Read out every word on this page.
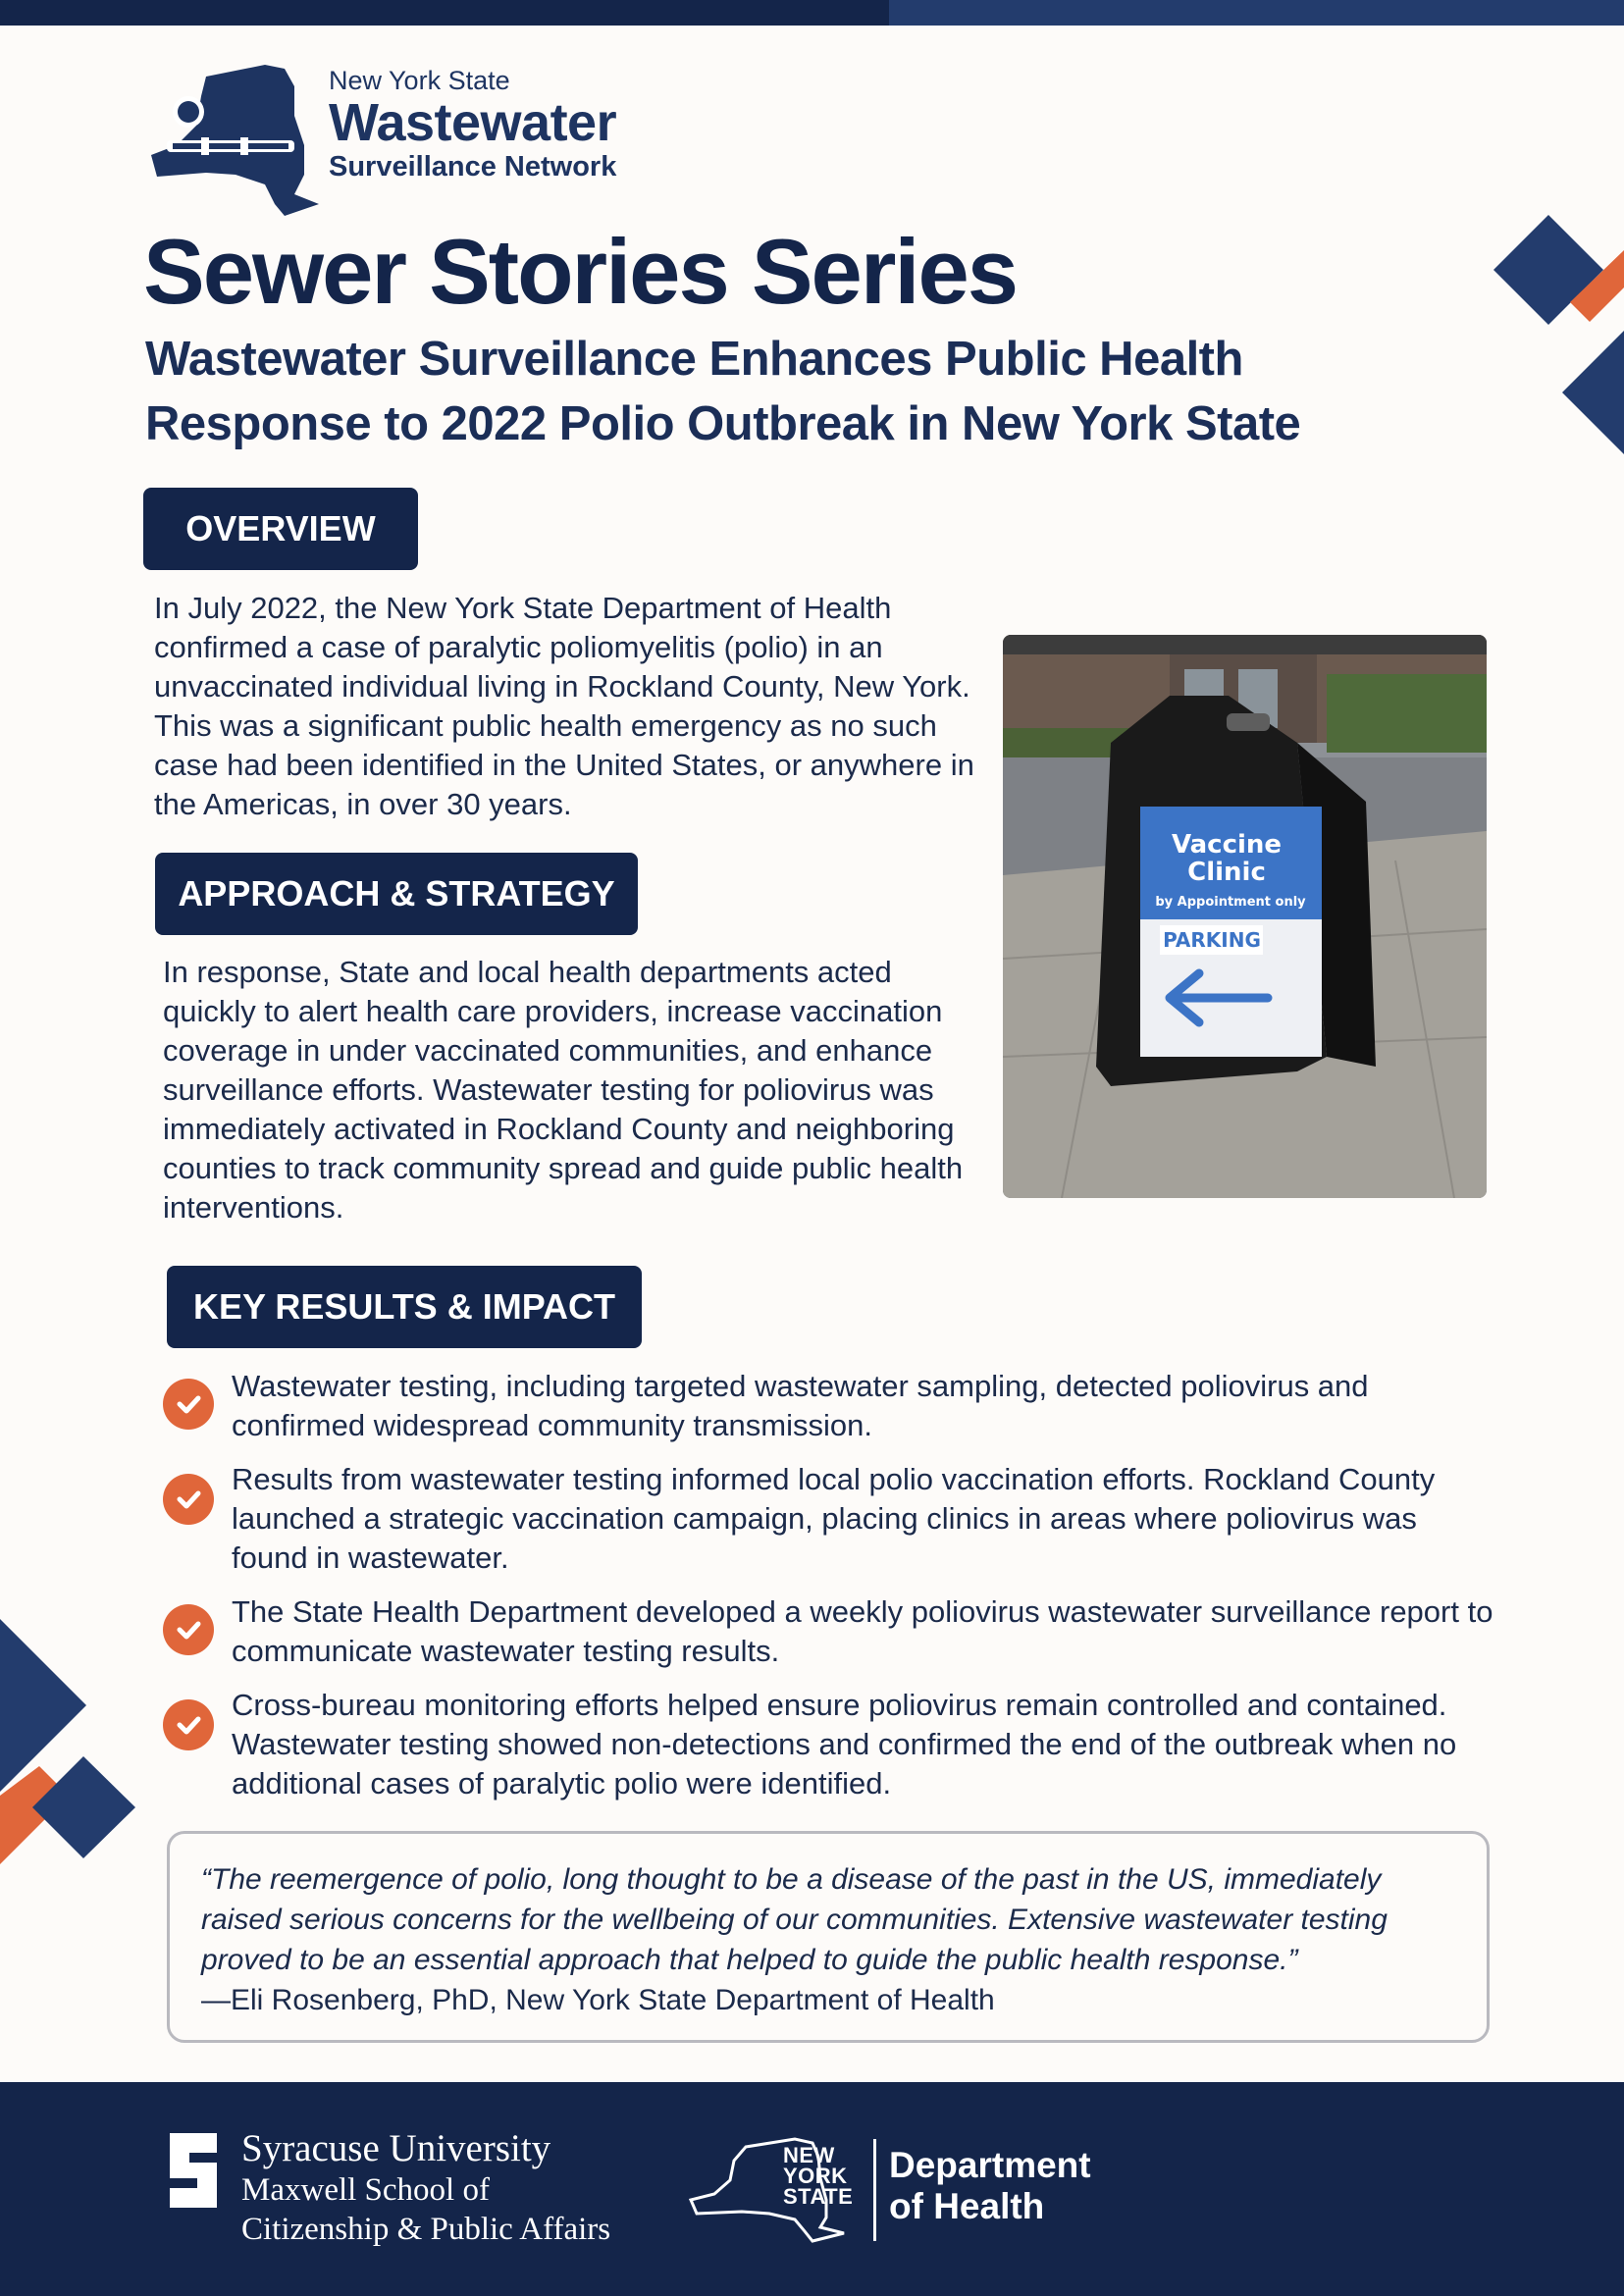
New York State
Wastewater
Surveillance Network
Sewer Stories Series
Wastewater Surveillance Enhances Public Health
Response to 2022 Polio Outbreak in New York State
OVERVIEW
In July 2022, the New York State Department of Health confirmed a case of paralytic poliomyelitis (polio) in an unvaccinated individual living in Rockland County, New York. This was a significant public health emergency as no such case had been identified in the United States, or anywhere in the Americas, in over 30 years.
Vaccine
Clinic
by Appointment only
PARKING
APPROACH & STRATEGY
In response, State and local health departments acted quickly to alert health care providers, increase vaccination coverage in under vaccinated communities, and enhance surveillance efforts. Wastewater testing for poliovirus was immediately activated in Rockland County and neighboring counties to track community spread and guide public health interventions.
KEY RESULTS & IMPACT
Wastewater testing, including targeted wastewater sampling, detected poliovirus and confirmed widespread community transmission.
Results from wastewater testing informed local polio vaccination efforts. Rockland County launched a strategic vaccination campaign, placing clinics in areas where poliovirus was found in wastewater.
The State Health Department developed a weekly poliovirus wastewater surveillance report to communicate wastewater testing results.
Cross-bureau monitoring efforts helped ensure poliovirus remain controlled and contained. Wastewater testing showed non-detections and confirmed the end of the outbreak when no additional cases of paralytic polio were identified.
“The reemergence of polio, long thought to be a disease of the past in the US, immediately raised serious concerns for the wellbeing of our communities. Extensive wastewater testing proved to be an essential approach that helped to guide the public health response.”
—Eli Rosenberg, PhD, New York State Department of Health
Syracuse University
Maxwell School of
Citizenship & Public Affairs
NEW
YORK
STATE
Department
of Health
